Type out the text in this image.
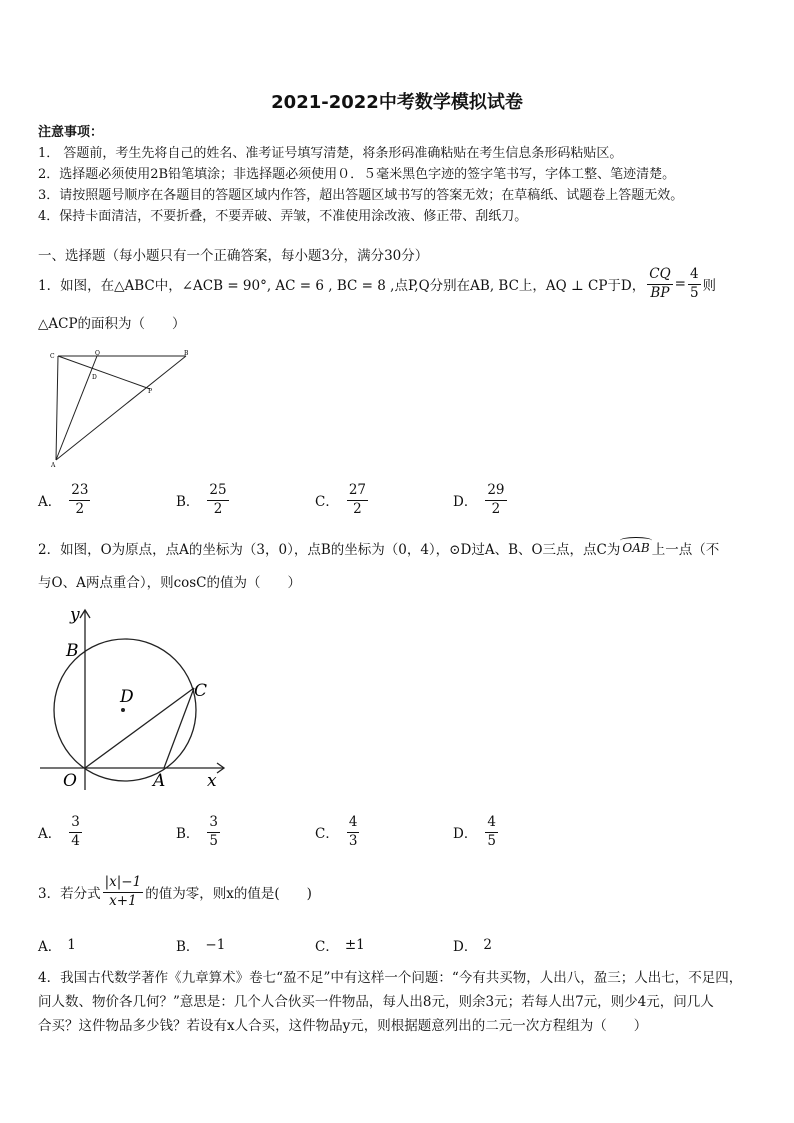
2021-2022中考数学模拟试卷
注意事项：
1． 答题前，考生先将自己的姓名、准考证号填写清楚，将条形码准确粘贴在考生信息条形码粘贴区。
2．选择题必须使用2B铅笔填涂；非选择题必须使用０．５毫米黑色字迹的签字笔书写，字体工整、笔迹清楚。
3．请按照题号顺序在各题目的答题区域内作答，超出答题区域书写的答案无效；在草稿纸、试题卷上答题无效。
4．保持卡面清洁，不要折叠，不要弄破、弄皱，不准使用涂改液、修正带、刮纸刀。
一、选择题（每小题只有一个正确答案，每小题3分，满分30分）
1．如图，在△ABC中，∠ACB = 90°, AC = 6 , BC = 8 ,点P,Q分别在AB, BC上，AQ ⊥ CP于D， $\frac{CQ}{BP} = \frac{4}{5}$ 则
△ACP的面积为（　　）
C	Q	B
D
P
A
A． $\frac{23}{2}$	B． $\frac{25}{2}$	C． $\frac{27}{2}$	D． $\frac{29}{2}$
2．如图，O为原点，点A的坐标为（3，0），点B的坐标为（0，4），⊙D过A、B、O三点，点C为 OAB 上一点（不
与O、A两点重合），则cosC的值为（　　）
y
B
D	C
O	A x
A． $\frac{3}{4}$	B． $\frac{3}{5}$	C． $\frac{4}{3}$	D． $\frac{4}{5}$
3．若分式 $\frac{|x|-1}{x+1}$ 的值为零，则x的值是(　　)
A． 1	B． −1	C． ±1	D． 2
4．我国古代数学著作《九章算术》卷七“盈不足”中有这样一个问题：“今有共买物，人出八，盈三；人出七，不足四，
问人数、物价各几何？”意思是：几个人合伙买一件物品，每人出8元，则余3元；若每人出7元，则少4元，问几人
合买？这件物品多少钱？若设有x人合买，这件物品y元，则根据题意列出的二元一次方程组为（　　）
